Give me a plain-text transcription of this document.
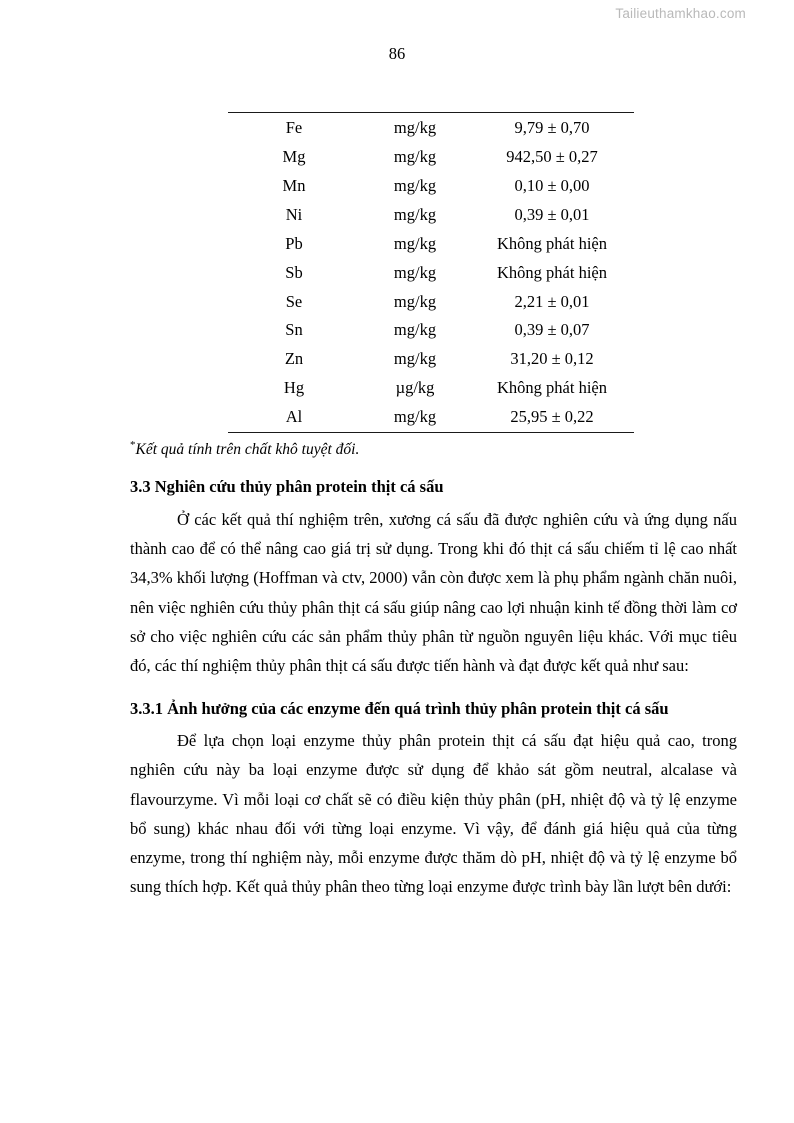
Tailieuthamkhao.com
86
Fe	mg/kg	9,79 ± 0,70
Mg	mg/kg	942,50 ± 0,27
Mn	mg/kg	0,10 ± 0,00
Ni	mg/kg	0,39 ± 0,01
Pb	mg/kg	Không phát hiện
Sb	mg/kg	Không phát hiện
Se	mg/kg	2,21 ± 0,01
Sn	mg/kg	0,39 ± 0,07
Zn	mg/kg	31,20 ± 0,12
Hg	µg/kg	Không phát hiện
Al	mg/kg	25,95 ± 0,22

*Kết quả tính trên chất khô tuyệt đối.

3.3 Nghiên cứu thủy phân protein thịt cá sấu

Ở các kết quả thí nghiệm trên, xương cá sấu đã được nghiên cứu và ứng dụng nấu thành cao để có thể nâng cao giá trị sử dụng. Trong khi đó thịt cá sấu chiếm tỉ lệ cao nhất 34,3% khối lượng (Hoffman và ctv, 2000) vẫn còn được xem là phụ phẩm ngành chăn nuôi, nên việc nghiên cứu thủy phân thịt cá sấu giúp nâng cao lợi nhuận kinh tế đồng thời làm cơ sở cho việc nghiên cứu các sản phẩm thủy phân từ nguồn nguyên liệu khác. Với mục tiêu đó, các thí nghiệm thủy phân thịt cá sấu được tiến hành và đạt được kết quả như sau:

3.3.1 Ảnh hưởng của các enzyme đến quá trình thủy phân protein thịt cá sấu

Để lựa chọn loại enzyme thủy phân protein thịt cá sấu đạt hiệu quả cao, trong nghiên cứu này ba loại enzyme được sử dụng để khảo sát gồm neutral, alcalase và flavourzyme. Vì mỗi loại cơ chất sẽ có điều kiện thủy phân (pH, nhiệt độ và tỷ lệ enzyme bổ sung) khác nhau đối với từng loại enzyme. Vì vậy, để đánh giá hiệu quả của từng enzyme, trong thí nghiệm này, mỗi enzyme được thăm dò pH, nhiệt độ và tỷ lệ enzyme bổ sung thích hợp. Kết quả thủy phân theo từng loại enzyme được trình bày lần lượt bên dưới:
